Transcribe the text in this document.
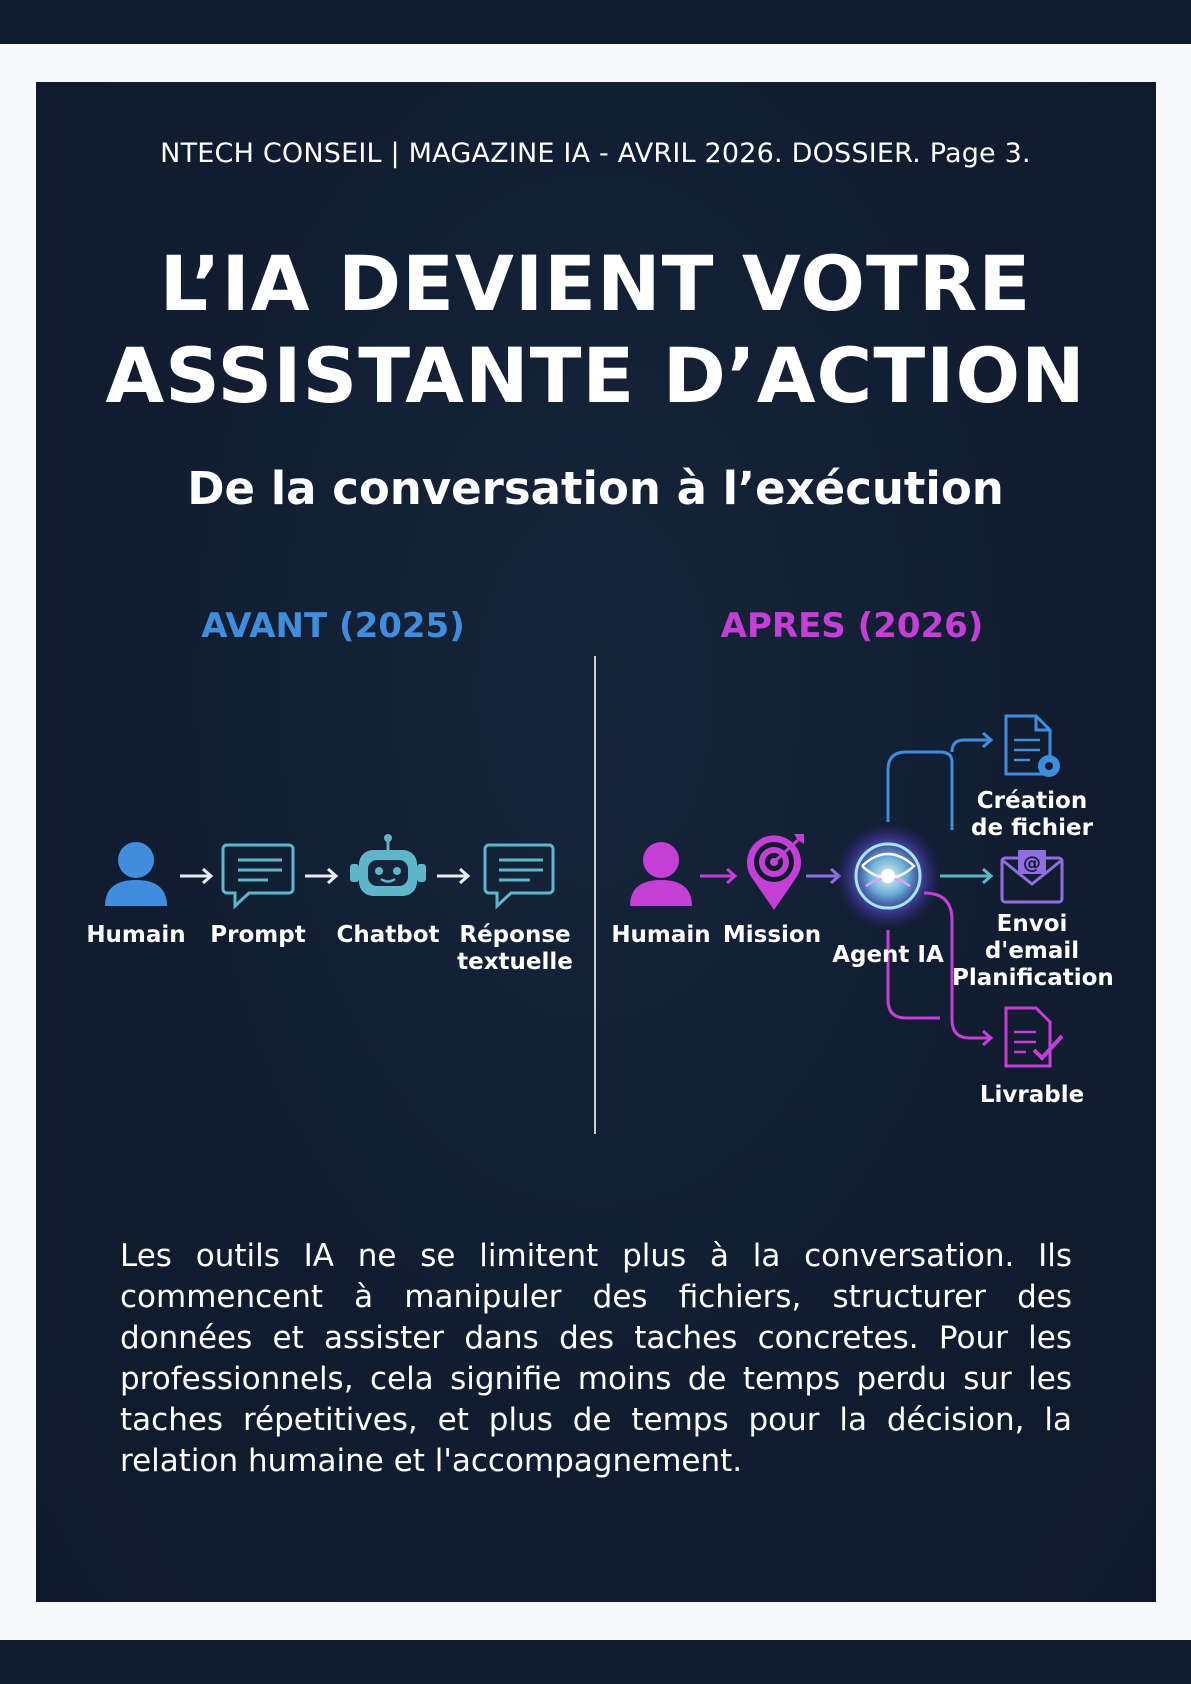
NTECH CONSEIL | MAGAZINE IA - AVRIL 2026. DOSSIER. Page 3.
L’IA DEVIENT VOTRE
ASSISTANTE D’ACTION
De la conversation à l’exécution
AVANT (2025)	APRES (2026)
Humain	Prompt	Chatbot Réponse
textuelle
@
Humain Mission
Agent IA
Création
de fichier
Envoi
d'email
Planification
Livrable
Les outils IA ne se limitent plus à la conversation. Ils commencent à manipuler des fichiers, structurer des données et assister dans des taches concretes. Pour les professionnels, cela signifie moins de temps perdu sur les taches répetitives, et plus de temps pour la décision, la relation humaine et l'accompagnement.
